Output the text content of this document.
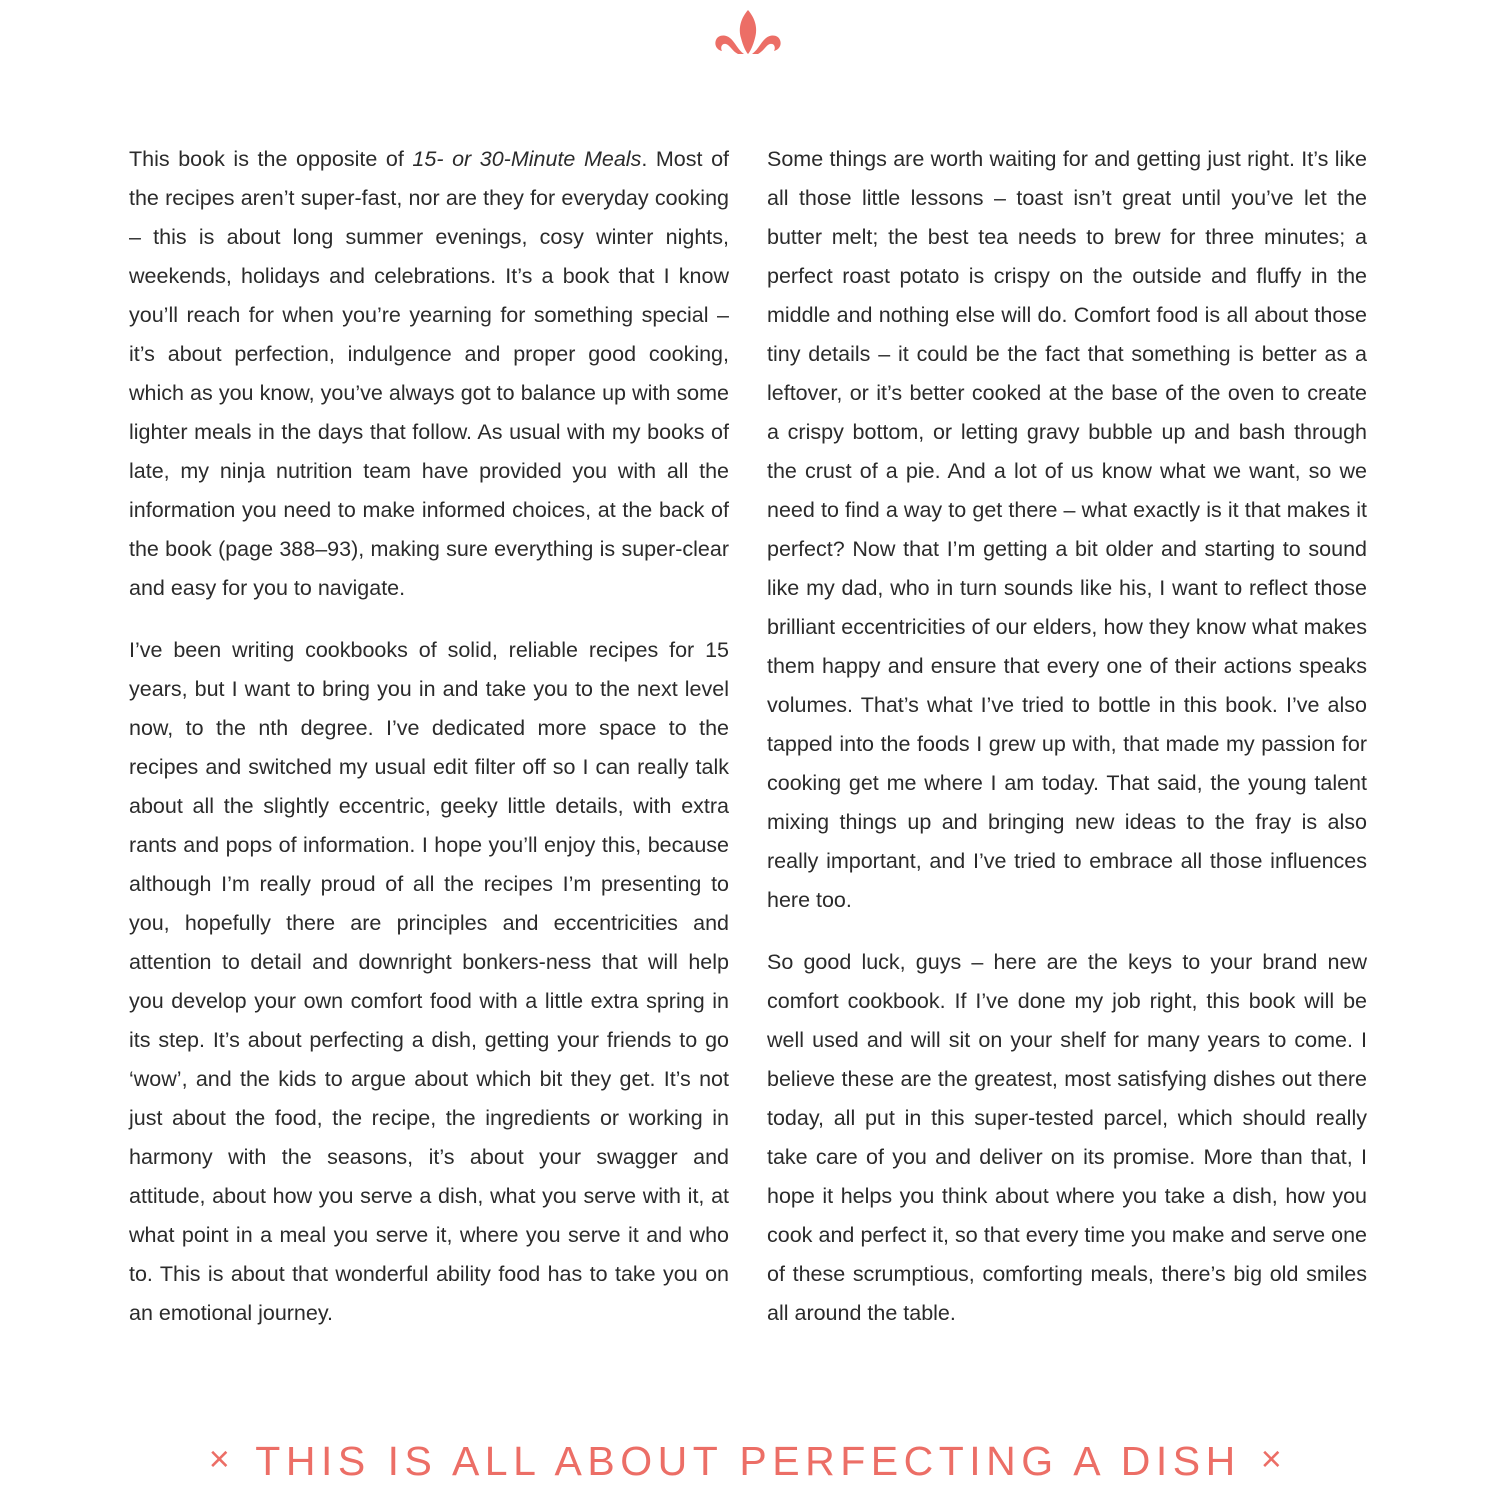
This book is the opposite of 15- or 30-Minute Meals. Most of the recipes aren’t super-fast, nor are they for everyday cooking – this is about long summer evenings, cosy winter nights, weekends, holidays and celebrations. It’s a book that I know you’ll reach for when you’re yearning for something special – it’s about perfection, indulgence and proper good cooking, which as you know, you’ve always got to balance up with some lighter meals in the days that follow. As usual with my books of late, my ninja nutrition team have provided you with all the information you need to make informed choices, at the back of the book (page 388–93), making sure everything is super-clear and easy for you to navigate.

I’ve been writing cookbooks of solid, reliable recipes for 15 years, but I want to bring you in and take you to the next level now, to the nth degree. I’ve dedicated more space to the recipes and switched my usual edit filter off so I can really talk about all the slightly eccentric, geeky little details, with extra rants and pops of information. I hope you’ll enjoy this, because although I’m really proud of all the recipes I’m presenting to you, hopefully there are principles and eccentricities and attention to detail and downright bonkers-ness that will help you develop your own comfort food with a little extra spring in its step. It’s about perfecting a dish, getting your friends to go ‘wow’, and the kids to argue about which bit they get. It’s not just about the food, the recipe, the ingredients or working in harmony with the seasons, it’s about your swagger and attitude, about how you serve a dish, what you serve with it, at what point in a meal you serve it, where you serve it and who to. This is about that wonderful ability food has to take you on an emotional journey.

Some things are worth waiting for and getting just right. It’s like all those little lessons – toast isn’t great until you’ve let the butter melt; the best tea needs to brew for three minutes; a perfect roast potato is crispy on the outside and fluffy in the middle and nothing else will do. Comfort food is all about those tiny details – it could be the fact that something is better as a leftover, or it’s better cooked at the base of the oven to create a crispy bottom, or letting gravy bubble up and bash through the crust of a pie. And a lot of us know what we want, so we need to find a way to get there – what exactly is it that makes it perfect? Now that I’m getting a bit older and starting to sound like my dad, who in turn sounds like his, I want to reflect those brilliant eccentricities of our elders, how they know what makes them happy and ensure that every one of their actions speaks volumes. That’s what I’ve tried to bottle in this book. I’ve also tapped into the foods I grew up with, that made my passion for cooking get me where I am today. That said, the young talent mixing things up and bringing new ideas to the fray is also really important, and I’ve tried to embrace all those influences here too.

So good luck, guys – here are the keys to your brand new comfort cookbook. If I’ve done my job right, this book will be well used and will sit on your shelf for many years to come. I believe these are the greatest, most satisfying dishes out there today, all put in this super-tested parcel, which should really take care of you and deliver on its promise. More than that, I hope it helps you think about where you take a dish, how you cook and perfect it, so that every time you make and serve one of these scrumptious, comforting meals, there’s big old smiles all around the table.

× THIS IS ALL ABOUT PERFECTING A DISH ×
